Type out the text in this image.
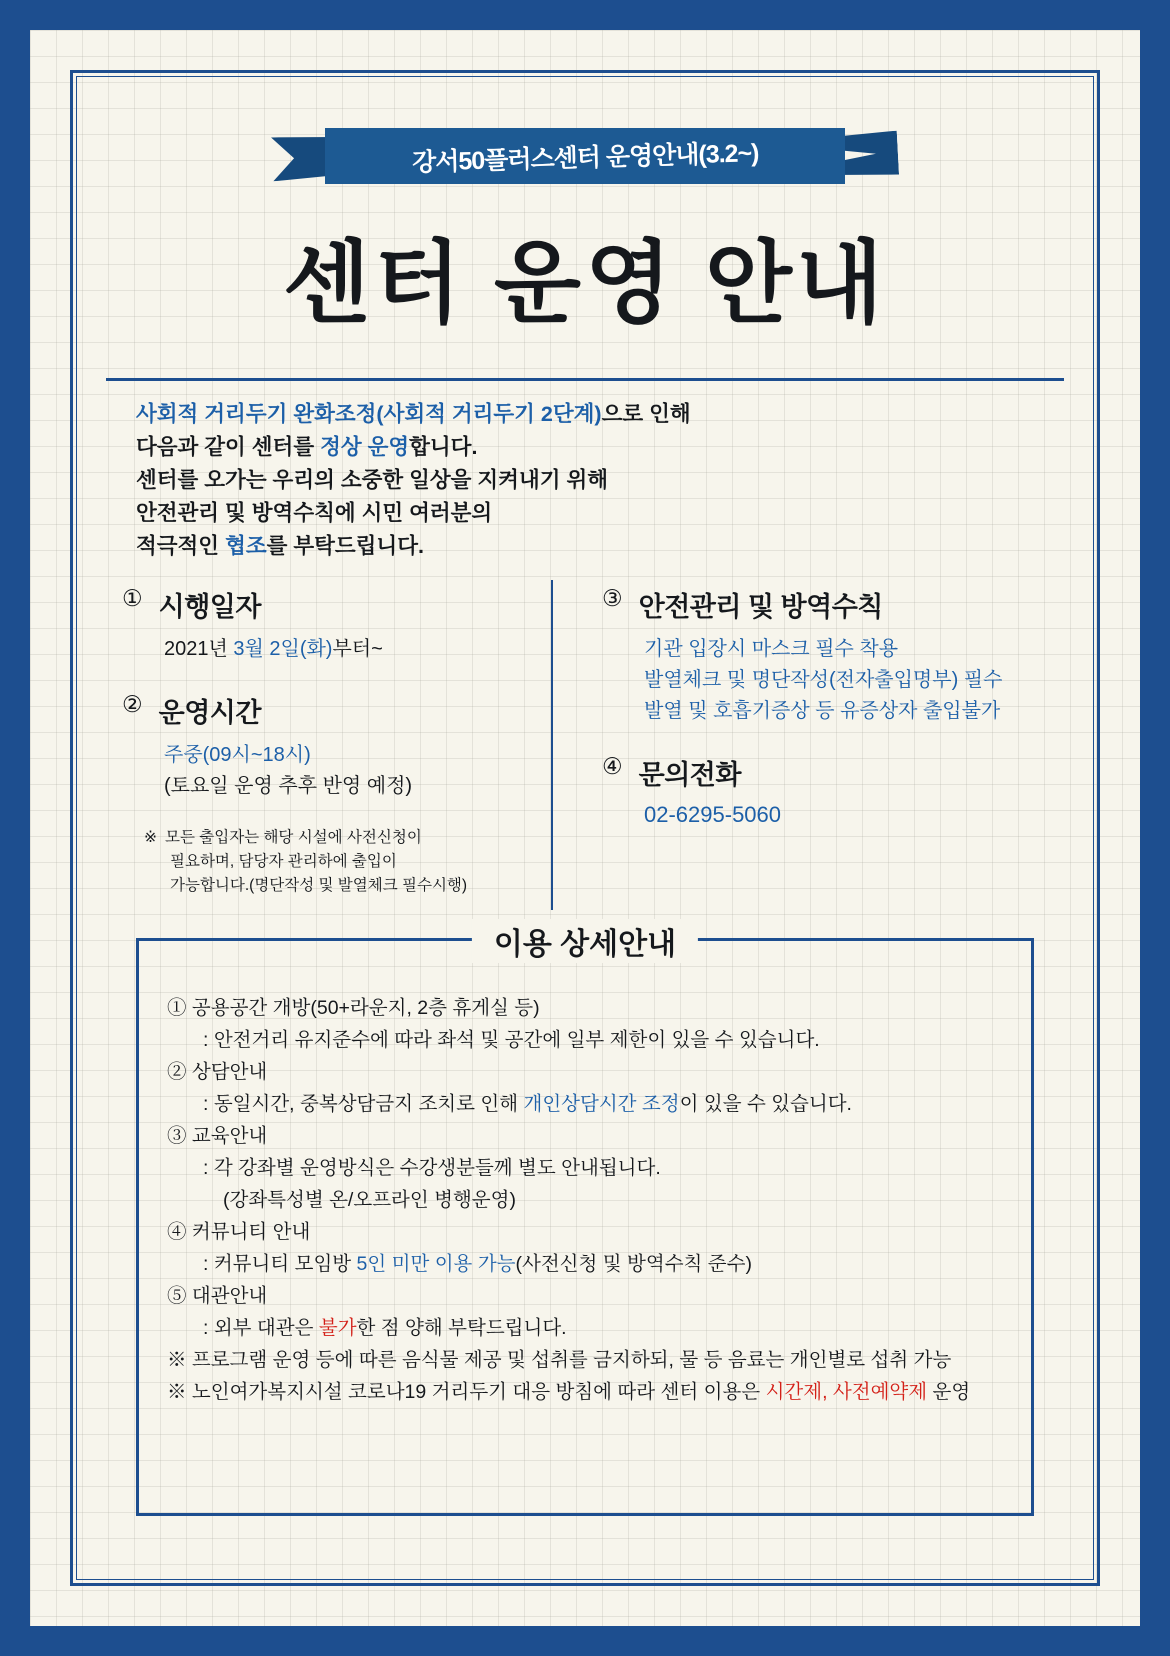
강서50플러스센터 운영안내(3.2~)
센터 운영 안내
사회적 거리두기 완화조정(사회적 거리두기 2단계)으로 인해
다음과 같이 센터를 정상 운영합니다.
센터를 오가는 우리의 소중한 일상을 지켜내기 위해
안전관리 및 방역수칙에 시민 여러분의
적극적인 협조를 부탁드립니다.
① 시행일자
2021년 3월 2일(화)부터~
② 운영시간
주중(09시~18시)
(토요일 운영 추후 반영 예정)
※ 모든 출입자는 해당 시설에 사전신청이
필요하며, 담당자 관리하에 출입이
가능합니다.(명단작성 및 발열체크 필수시행)
③ 안전관리 및 방역수칙
기관 입장시 마스크 필수 착용
발열체크 및 명단작성(전자출입명부) 필수
발열 및 호흡기증상 등 유증상자 출입불가
④ 문의전화
02-6295-5060
이용 상세안내
① 공용공간 개방(50+라운지, 2층 휴게실 등)
: 안전거리 유지준수에 따라 좌석 및 공간에 일부 제한이 있을 수 있습니다.
② 상담안내
: 동일시간, 중복상담금지 조치로 인해 개인상담시간 조정이 있을 수 있습니다.
③ 교육안내
: 각 강좌별 운영방식은 수강생분들께 별도 안내됩니다.
(강좌특성별 온/오프라인 병행운영)
④ 커뮤니티 안내
: 커뮤니티 모임방 5인 미만 이용 가능(사전신청 및 방역수칙 준수)
⑤ 대관안내
: 외부 대관은 불가한 점 양해 부탁드립니다.
※ 프로그램 운영 등에 따른 음식물 제공 및 섭취를 금지하되, 물 등 음료는 개인별로 섭취 가능
※ 노인여가복지시설 코로나19 거리두기 대응 방침에 따라 센터 이용은 시간제, 사전예약제 운영
